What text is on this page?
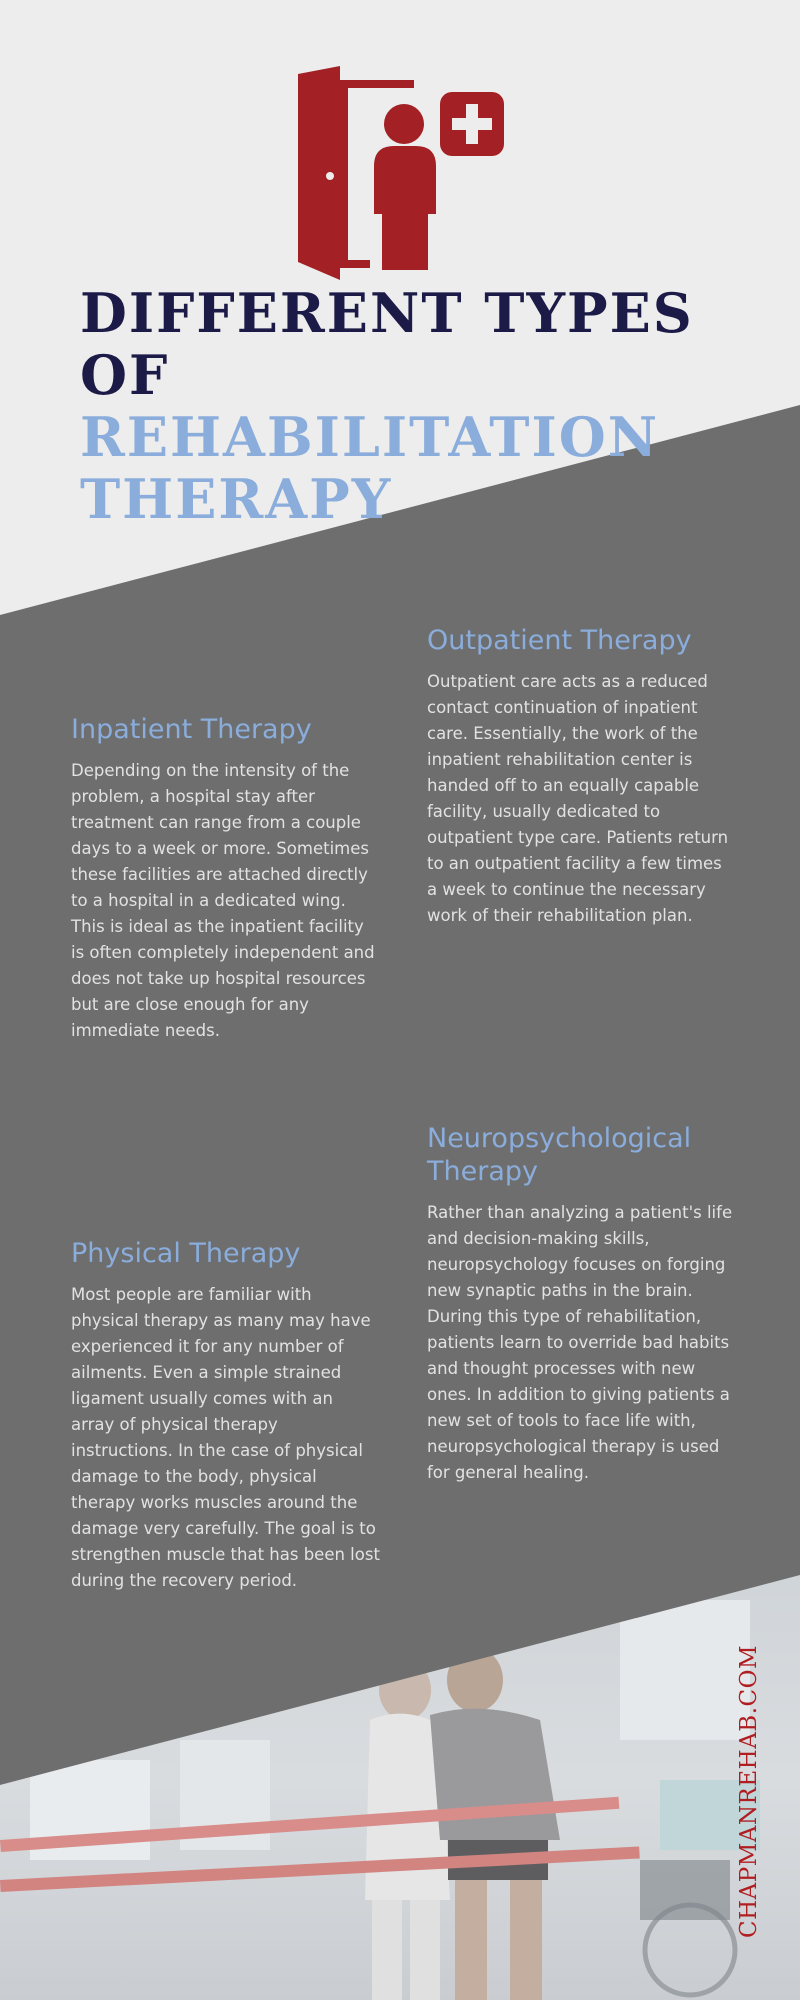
DIFFERENT TYPES OF
REHABILITATION
THERAPY
Outpatient Therapy

Outpatient care acts as a reduced contact continuation of inpatient care. Essentially, the work of the inpatient rehabilitation center is handed off to an equally capable facility, usually dedicated to outpatient type care. Patients return to an outpatient facility a few times a week to continue the necessary work of their rehabilitation plan.

Inpatient Therapy

Depending on the intensity of the problem, a hospital stay after treatment can range from a couple days to a week or more. Sometimes these facilities are attached directly to a hospital in a dedicated wing. This is ideal as the inpatient facility is often completely independent and does not take up hospital resources but are close enough for any immediate needs.

Neuropsychological Therapy

Rather than analyzing a patient's life and decision-making skills, neuropsychology focuses on forging new synaptic paths in the brain. During this type of rehabilitation, patients learn to override bad habits and thought processes with new ones. In addition to giving patients a new set of tools to face life with, neuropsychological therapy is used for general healing.

Physical Therapy

Most people are familiar with physical therapy as many may have experienced it for any number of ailments. Even a simple strained ligament usually comes with an array of physical therapy instructions. In the case of physical damage to the body, physical therapy works muscles around the damage very carefully. The goal is to strengthen muscle that has been lost during the recovery period.

CHAPMANREHAB.COM
